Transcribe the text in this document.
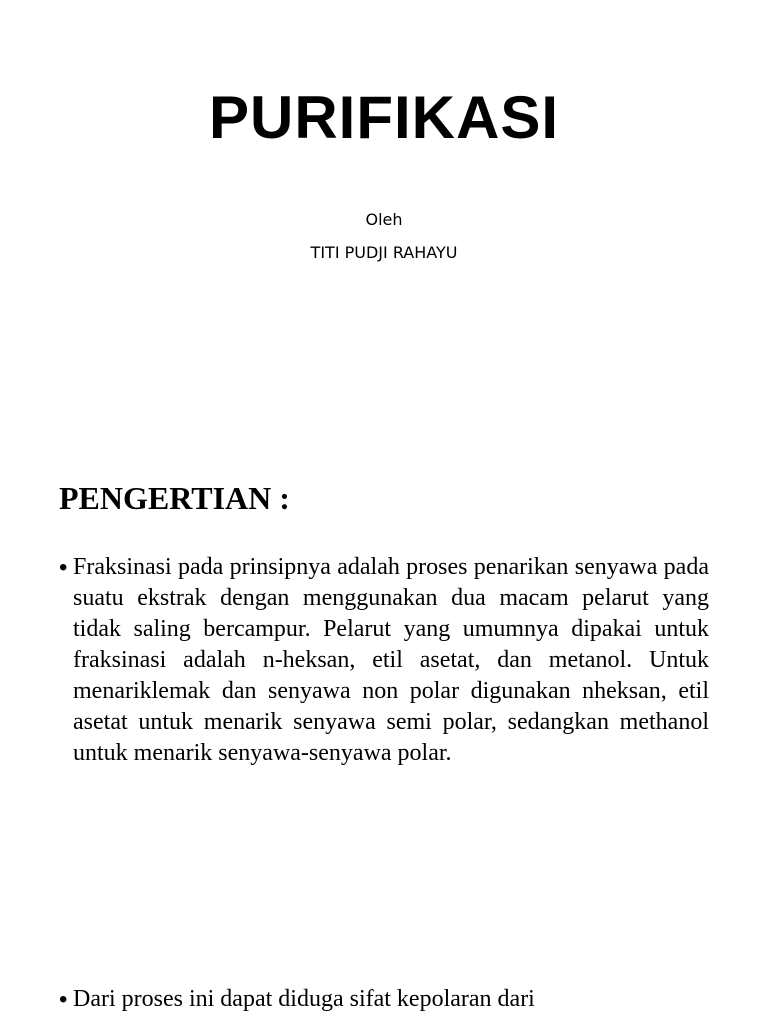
PURIFIKASI
Oleh
TITI PUDJI RAHAYU
PENGERTIAN :
• Fraksinasi pada prinsipnya adalah proses penarikan senyawa pada suatu ekstrak dengan menggunakan dua macam pelarut yang tidak saling bercampur. Pelarut yang umumnya dipakai untuk fraksinasi adalah n-heksan, etil asetat, dan metanol. Untuk menariklemak dan senyawa non polar digunakan nheksan, etil asetat untuk menarik senyawa semi polar, sedangkan methanol untuk menarik senyawa-senyawa polar.
• Dari proses ini dapat diduga sifat kepolaran dari
